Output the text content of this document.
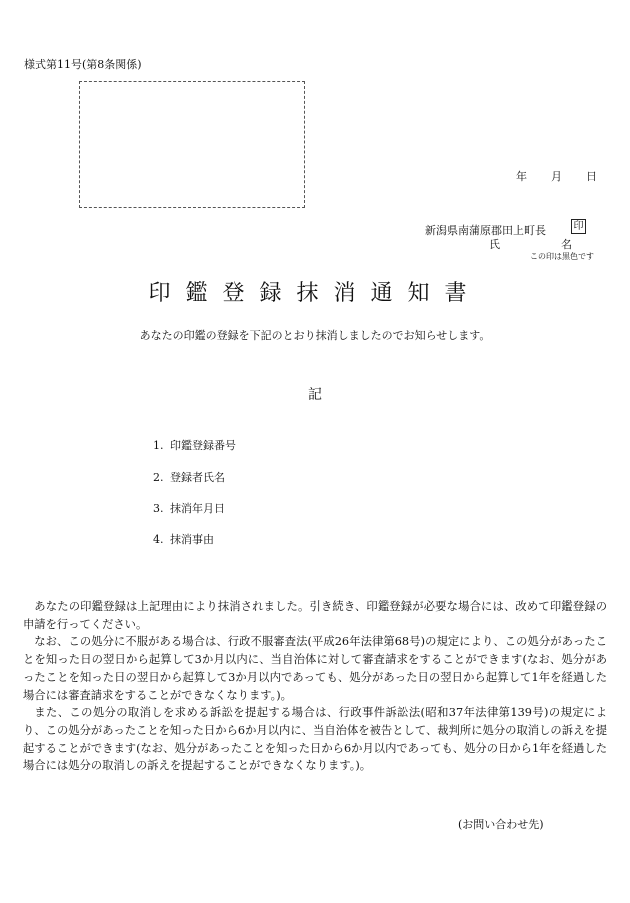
様式第11号(第8条関係)
年 月 日
新潟県南蒲原郡田上町長	印
氏	名
この印は黒色です
印鑑登録抹消通知書
あなたの印鑑の登録を下記のとおり抹消しましたのでお知らせします。
記
1. 印鑑登録番号
2. 登録者氏名
3. 抹消年月日
4. 抹消事由

あなたの印鑑登録は上記理由により抹消されました。引き続き、印鑑登録が必要な場合には、改めて印鑑登録の申請を行ってください。

なお、この処分に不服がある場合は、行政不服審査法(平成26年法律第68号)の規定により、この処分があったことを知った日の翌日から起算して3か月以内に、当自治体に対して審査請求をすることができます(なお、処分があったことを知った日の翌日から起算して3か月以内であっても、処分があった日の翌日から起算して1年を経過した場合には審査請求をすることができなくなります。)。

また、この処分の取消しを求める訴訟を提起する場合は、行政事件訴訟法(昭和37年法律第139号)の規定により、この処分があったことを知った日から6か月以内に、当自治体を被告として、裁判所に処分の取消しの訴えを提起することができます(なお、処分があったことを知った日から6か月以内であっても、処分の日から1年を経過した場合には処分の取消しの訴えを提起することができなくなります。)。

(お問い合わせ先)
